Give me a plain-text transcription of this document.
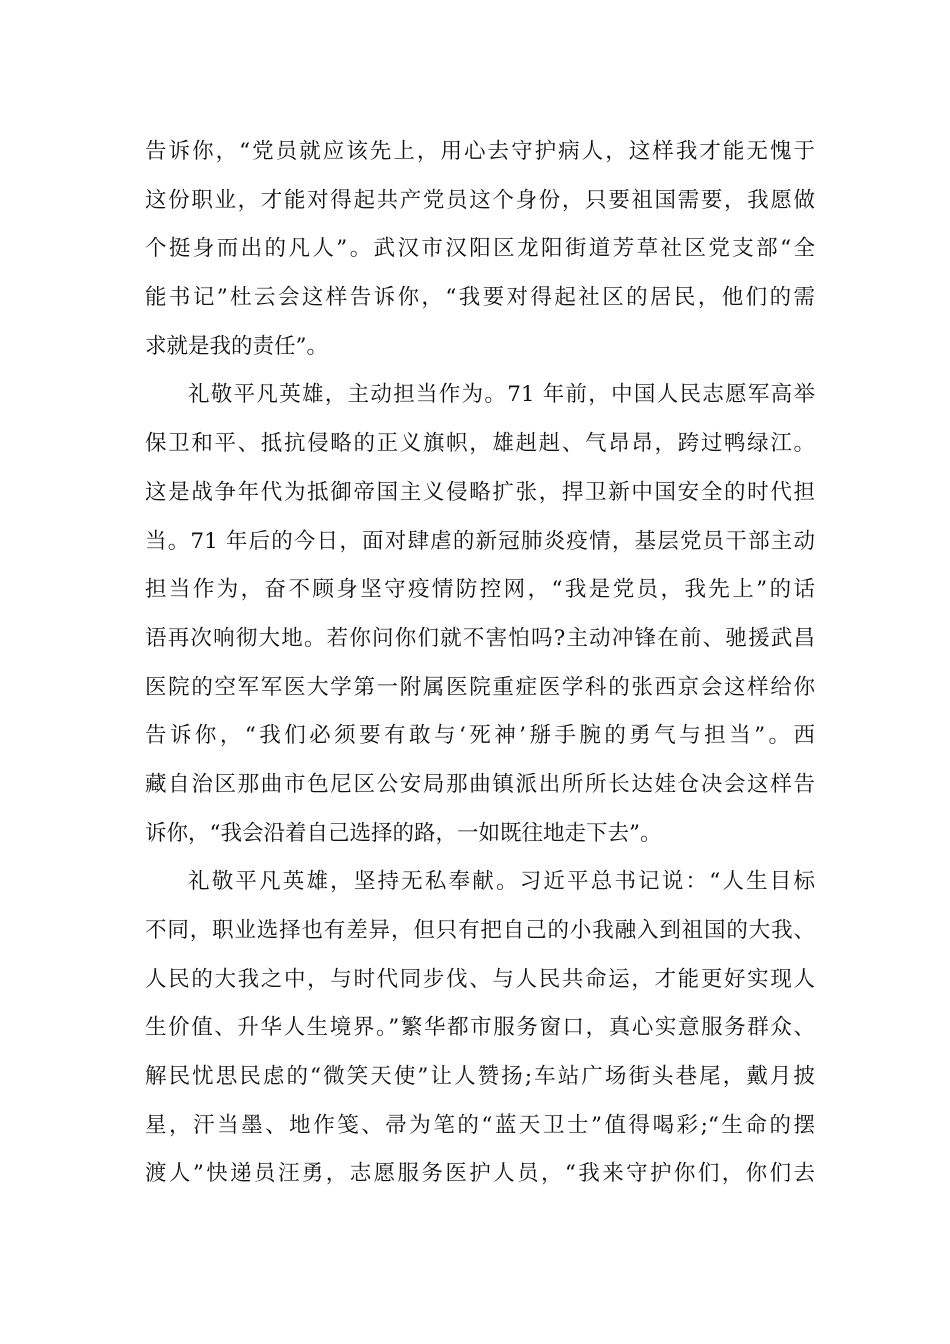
告诉你，“党员就应该先上，用心去守护病人，这样我才能无愧于
这份职业，才能对得起共产党员这个身份，只要祖国需要，我愿做
个挺身而出的凡人”。武汉市汉阳区龙阳街道芳草社区党支部“全
能书记”杜云会这样告诉你，“我要对得起社区的居民，他们的需
求就是我的责任”。
礼敬平凡英雄，主动担当作为。71 年前，中国人民志愿军高举
保卫和平、抵抗侵略的正义旗帜，雄赳赳、气昂昂，跨过鸭绿江。
这是战争年代为抵御帝国主义侵略扩张，捍卫新中国安全的时代担
当。71 年后的今日，面对肆虐的新冠肺炎疫情，基层党员干部主动
担当作为，奋不顾身坚守疫情防控网，“我是党员，我先上”的话
语再次响彻大地。若你问你们就不害怕吗?主动冲锋在前、驰援武昌
医院的空军军医大学第一附属医院重症医学科的张西京会这样给你
告诉你，“我们必须要有敢与‘死神’掰手腕的勇气与担当”。西
藏自治区那曲市色尼区公安局那曲镇派出所所长达娃仓决会这样告
诉你，“我会沿着自己选择的路，一如既往地走下去”。
礼敬平凡英雄，坚持无私奉献。习近平总书记说：“人生目标
不同，职业选择也有差异，但只有把自己的小我融入到祖国的大我、
人民的大我之中，与时代同步伐、与人民共命运，才能更好实现人
生价值、升华人生境界。”繁华都市服务窗口，真心实意服务群众、
解民忧思民虑的“微笑天使”让人赞扬;车站广场街头巷尾，戴月披
星，汗当墨、地作笺、帚为笔的“蓝天卫士”值得喝彩;“生命的摆
渡人”快递员汪勇，志愿服务医护人员，“我来守护你们，你们去
